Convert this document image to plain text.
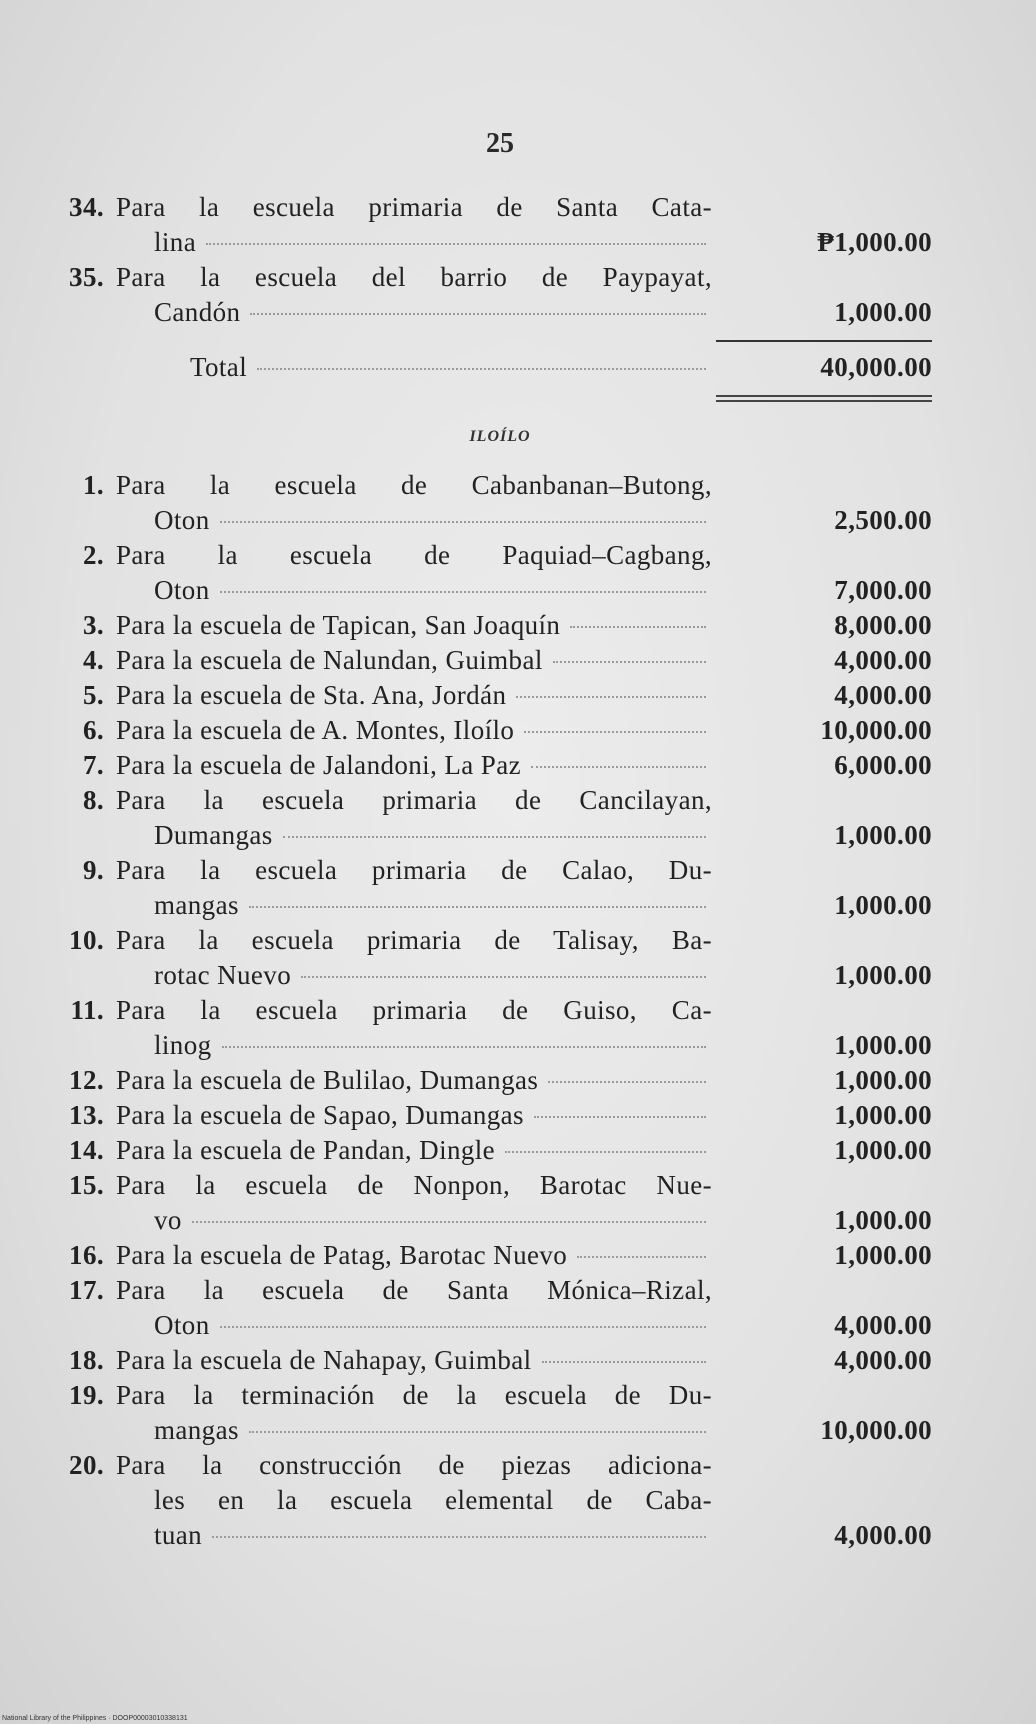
25
34. Para la escuela primaria de Santa Cata-
lina	₱1,000.00
35. Para la escuela del barrio de Paypayat,
Candón	1,000.00
Total	40,000.00
ILOÍLO
1. Para la escuela de Cabanbanan–Butong,
Oton	2,500.00
2. Para la escuela de Paquiad–Cagbang,
Oton	7,000.00
3. Para la escuela de Tapican, San Joaquín	8,000.00
4. Para la escuela de Nalundan, Guimbal	4,000.00
5. Para la escuela de Sta. Ana, Jordán	4,000.00
6. Para la escuela de A. Montes, Iloílo	10,000.00
7. Para la escuela de Jalandoni, La Paz	6,000.00
8. Para la escuela primaria de Cancilayan,
Dumangas	1,000.00
9. Para la escuela primaria de Calao, Du-
mangas	1,000.00
10. Para la escuela primaria de Talisay, Ba-
rotac Nuevo	1,000.00
11. Para la escuela primaria de Guiso, Ca-
linog	1,000.00
12. Para la escuela de Bulilao, Dumangas	1,000.00
13. Para la escuela de Sapao, Dumangas	1,000.00
14. Para la escuela de Pandan, Dingle	1,000.00
15. Para la escuela de Nonpon, Barotac Nue-
vo	1,000.00
16. Para la escuela de Patag, Barotac Nuevo	1,000.00
17. Para la escuela de Santa Mónica–Rizal,
Oton	4,000.00
18. Para la escuela de Nahapay, Guimbal	4,000.00
19. Para la terminación de la escuela de Du-
mangas	10,000.00
20. Para la construcción de piezas adiciona-
les en la escuela elemental de Caba-
tuan	4,000.00
National Library of the Philippines · DOOP00003010338131
